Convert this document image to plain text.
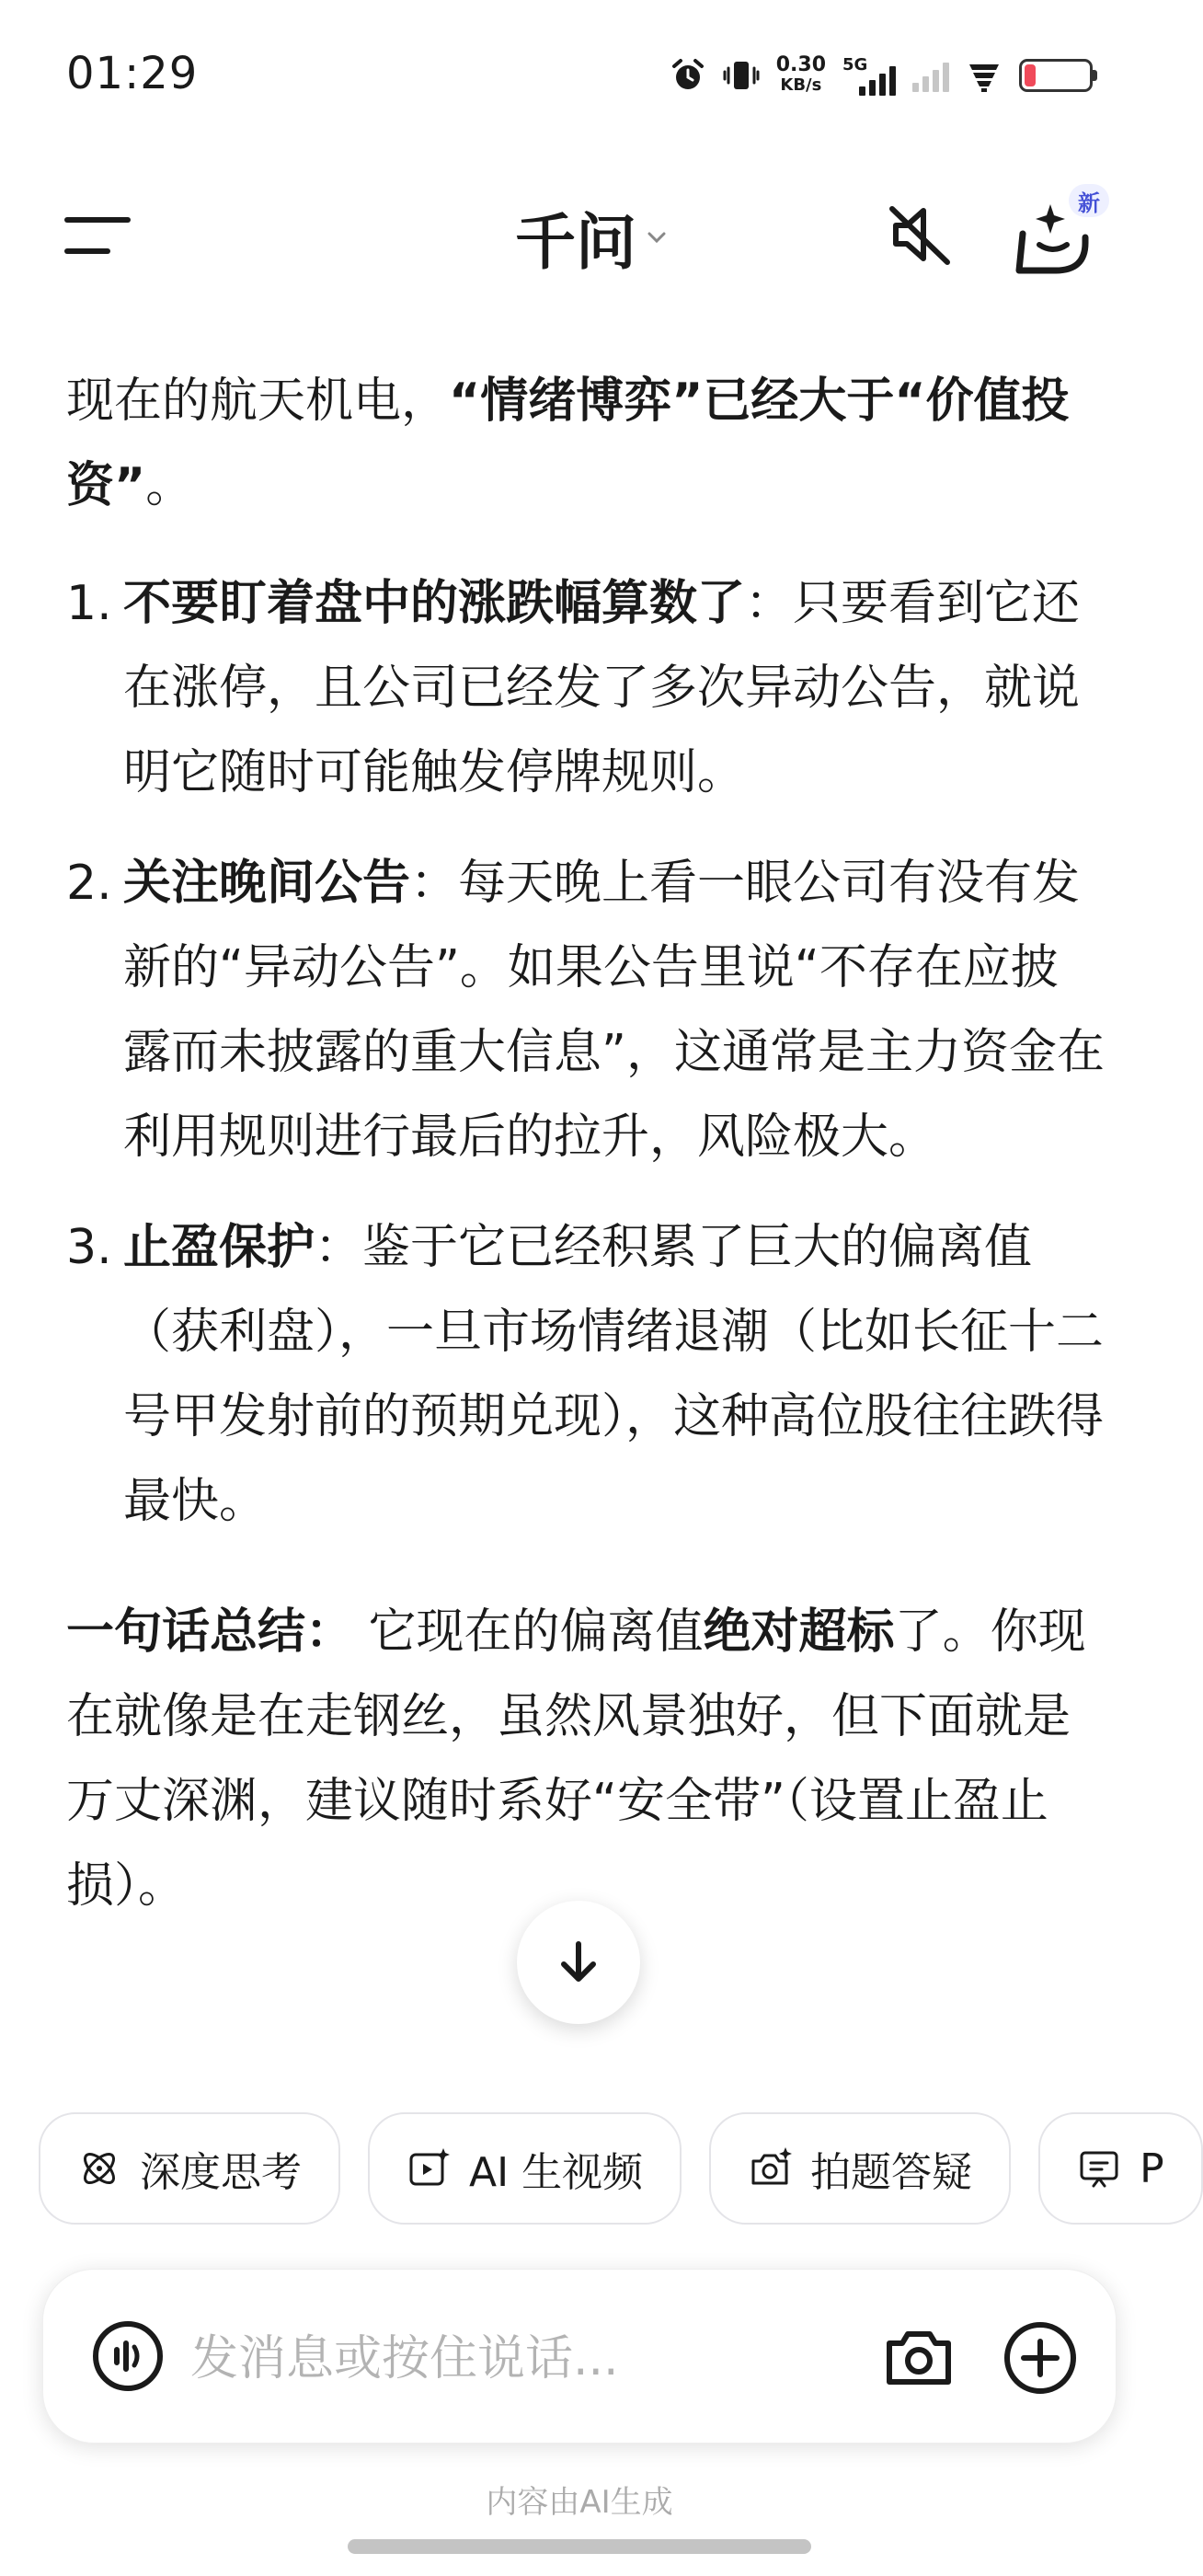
01:29	0.30
KB/s
5G
千问
新

现在的航天机电，“情绪博弈”已经大于“价值投资”。

1. 不要盯着盘中的涨跌幅算数了：只要看到它还在涨停，且公司已经发了多次异动公告，就说明它随时可能触发停牌规则。
2. 关注晚间公告：每天晚上看一眼公司有没有发新的“异动公告”。如果公告里说“不存在应披露而未披露的重大信息”，这通常是主力资金在利用规则进行最后的拉升，风险极大。
3. 止盈保护：鉴于它已经积累了巨大的偏离值（获利盘），一旦市场情绪退潮（比如长征十二号甲发射前的预期兑现），这种高位股往往跌得最快。

一句话总结： 它现在的偏离值绝对超标了。你现在就像是在走钢丝，虽然风景独好，但下面就是万丈深渊，建议随时系好“安全带”（设置止盈止损）。

深度思考	AI 生视频	拍题答疑	P
发消息或按住说话...
内容由AI生成
